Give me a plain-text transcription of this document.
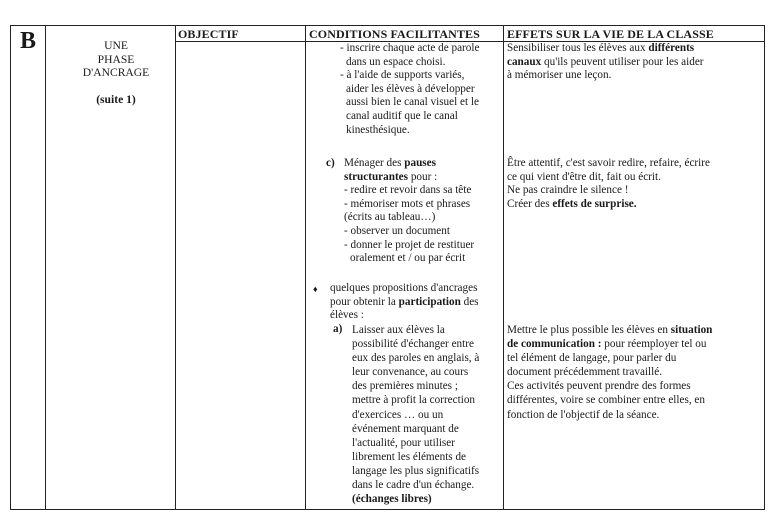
B	UNE
PHASE
D'ANCRAGE
(suite 1)
OBJECTIF	CONDITIONS FACILITANTES EFFETS SUR LA VIE DE LA CLASSE

- inscrire chaque acte de parole

dans un espace choisi.

- à l'aide de supports variés,

aider les élèves à développer

aussi bien le canal visuel et le

canal auditif que le canal

kinesthésique.

c) Ménager des pauses structurantes pour :

- redire et revoir dans sa tête

- mémoriser mots et phrases

(écrits au tableau…)

- observer un document

- donner le projet de restituer

oralement et / ou par écrit

♦ quelques propositions d'ancrages

pour obtenir la participation des

élèves :

a) Laisser aux élèves la

possibilité d'échanger entre

eux des paroles en anglais, à

leur convenance, au cours

des premières minutes ;

mettre à profit la correction

d'exercices … ou un

événement marquant de

l'actualité, pour utiliser

librement les éléments de

langage les plus significatifs

dans le cadre d'un échange.

(échanges libres)

Sensibiliser tous les élèves aux différents

canaux qu'ils peuvent utiliser pour les aider

à mémoriser une leçon.

Être attentif, c'est savoir redire, refaire, écrire

ce qui vient d'être dit, fait ou écrit.

Ne pas craindre le silence !

Créer des effets de surprise.

Mettre le plus possible les élèves en situation

de communication : pour réemployer tel ou

tel élément de langage, pour parler du

document précédemment travaillé.

Ces activités peuvent prendre des formes

différentes, voire se combiner entre elles, en

fonction de l'objectif de la séance.
